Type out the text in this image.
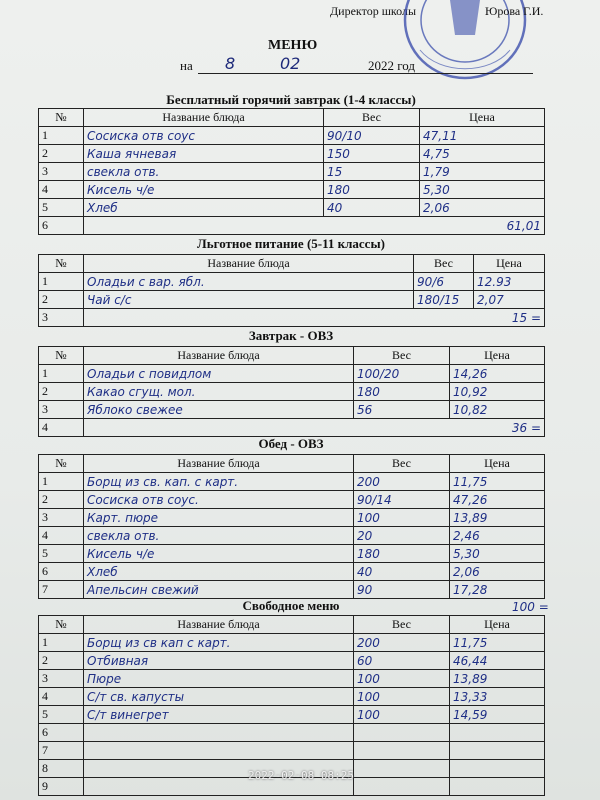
Директор школы	Юрова Г.И.
МЕНЮ
на 8	02	2022 год
Бесплатный горячий завтрак (1-4 классы)
№	Название блюда	Вес	Цена
1	Сосиска отв соус	90/10	47,11
2	Каша ячневая	150	4,75
3	свекла отв.	15	1,79
4	Кисель ч/е	180	5,30
5	Хлеб	40	2,06
6	61,01		
Льготное питание (5-11 классы)
№	Название блюда	Вес	Цена
1	Оладьи с вар. ябл.	90/6	12.93
2	Чай с/с	180/15	2,07
3	15 =		
Завтрак - ОВЗ
№	Название блюда	Вес	Цена
1	Оладьи с повидлом	100/20	14,26
2	Какао сгущ. мол.	180	10,92
3	Яблоко свежее	56	10,82
4	36 =		
Обед - ОВЗ
№	Название блюда	Вес	Цена
1	Борщ из св. кап. с карт.	200	11,75
2	Сосиска отв соус.	90/14	47,26
3	Карт. пюре	100	13,89
4	свекла отв.	20	2,46
5	Кисель ч/е	180	5,30
6	Хлеб	40	2,06
7	Апельсин свежий	90	17,28
100 =
Свободное меню
№	Название блюда	Вес	Цена
1	Борщ из св кап с карт.	200	11,75
2	Отбивная	60	46,44
3	Пюре	100	13,89
4	С/т св. капусты	100	13,33
5	С/т винегрет	100	14,59
6			
7			
8			
9			
2022-02-08 08:25
